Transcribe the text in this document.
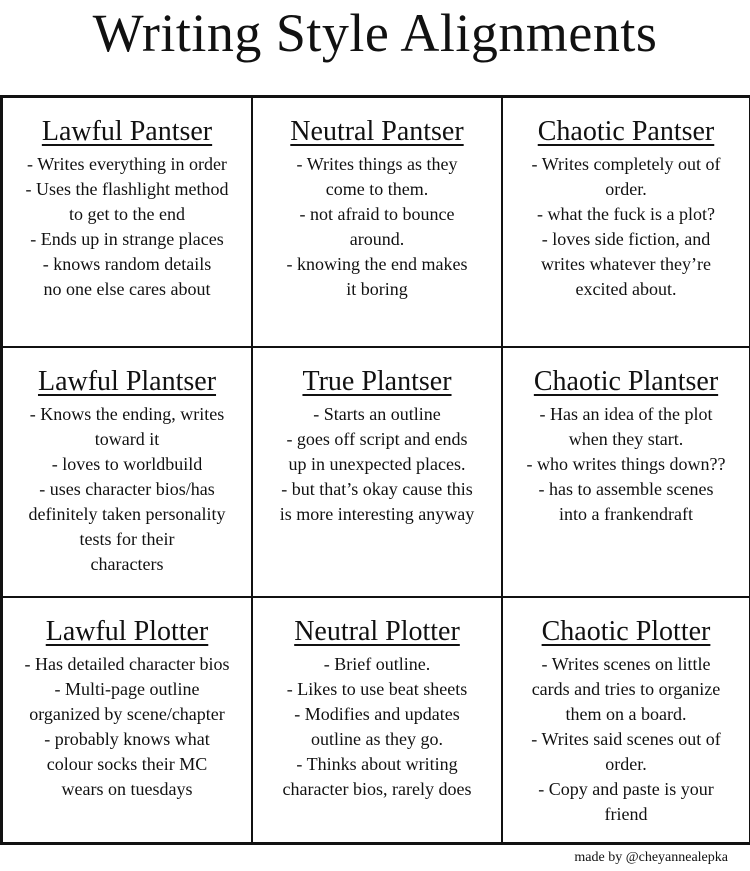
Writing Style Alignments
Lawful Pantser
- Writes everything in order
- Uses the flashlight method
to get to the end
- Ends up in strange places
- knows random details
no one else cares about
Neutral Pantser
- Writes things as they
come to them.
- not afraid to bounce
around.
- knowing the end makes
it boring
Chaotic Pantser
- Writes completely out of
order.
- what the fuck is a plot?
- loves side fiction, and
writes whatever they’re
excited about.
Lawful Plantser
- Knows the ending, writes
toward it
- loves to worldbuild
- uses character bios/has
definitely taken personality
tests for their
characters
True Plantser
- Starts an outline
- goes off script and ends
up in unexpected places.
- but that’s okay cause this
is more interesting anyway
Chaotic Plantser
- Has an idea of the plot
when they start.
- who writes things down??
- has to assemble scenes
into a frankendraft
Lawful Plotter
- Has detailed character bios
- Multi-page outline
organized by scene/chapter
- probably knows what
colour socks their MC
wears on tuesdays
Neutral Plotter
- Brief outline.
- Likes to use beat sheets
- Modifies and updates
outline as they go.
- Thinks about writing
character bios, rarely does
Chaotic Plotter
- Writes scenes on little
cards and tries to organize
them on a board.
- Writes said scenes out of
order.
- Copy and paste is your
friend
made by @cheyannealepka
